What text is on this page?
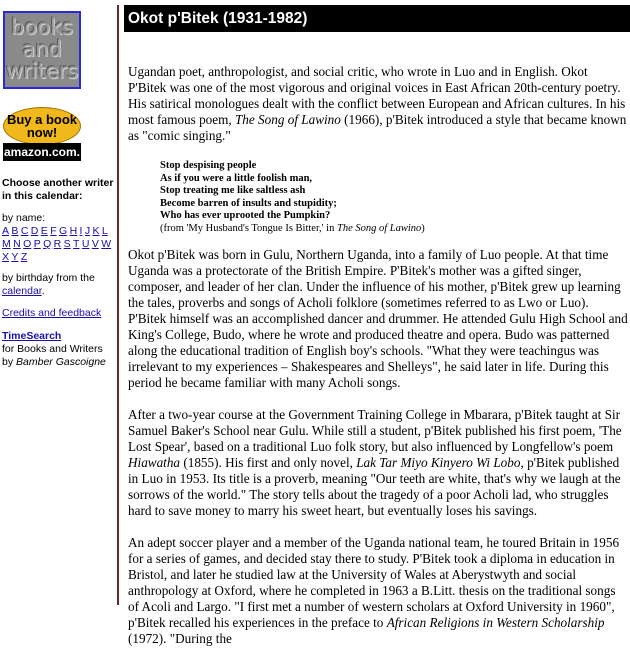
books
and
writers
Buy a book now!
amazon.com.
Choose another writer in this calendar:
by name:
A B C D E F G H I J K L
M N O P Q R S T U V W
X Y Z
by birthday from the
calendar.
Credits and feedback
TimeSearch
for Books and Writers
by Bamber Gascoigne
Okot p'Bitek (1931-1982)

Ugandan poet, anthropologist, and social critic, who wrote in Luo and in English. Okot P'Bitek was one of the most vigorous and original voices in East African 20th-century poetry. His satirical monologues dealt with the conflict between European and African cultures. In his most famous poem, The Song of Lawino (1966), p'Bitek introduced a style that became known as "comic singing."

Stop despising people
As if you were a little foolish man,
Stop treating me like saltless ash
Become barren of insults and stupidity;
Who has ever uprooted the Pumpkin?
(from 'My Husband's Tongue Is Bitter,' in The Song of Lawino)

Okot p'Bitek was born in Gulu, Northern Uganda, into a family of Luo people. At that time Uganda was a protectorate of the British Empire. P'Bitek's mother was a gifted singer, composer, and leader of her clan. Under the influence of his mother, p'Bitek grew up learning the tales, proverbs and songs of Acholi folklore (sometimes referred to as Lwo or Luo). P'Bitek himself was an accomplished dancer and drummer. He attended Gulu High School and King's College, Budo, where he wrote and produced theatre and opera. Budo was patterned along the educational tradition of English boy's schools. "What they were teachingus was irrelevant to my experiences – Shakespeares and Shelleys", he said later in life. During this period he became familiar with many Acholi songs.

After a two-year course at the Government Training College in Mbarara, p'Bitek taught at Sir Samuel Baker's School near Gulu. While still a student, p'Bitek published his first poem, 'The Lost Spear', based on a traditional Luo folk story, but also influenced by Longfellow's poem Hiawatha (1855). His first and only novel, Lak Tar Miyo Kinyero Wi Lobo, p'Bitek published in Luo in 1953. Its title is a proverb, meaning "Our teeth are white, that's why we laugh at the sorrows of the world." The story tells about the tragedy of a poor Acholi lad, who struggles hard to save money to marry his sweet heart, but eventually loses his savings.

An adept soccer player and a member of the Uganda national team, he toured Britain in 1956 for a series of games, and decided stay there to study. P'Bitek took a diploma in education in Bristol, and later he studied law at the University of Wales at Aberystwyth and social anthropology at Oxford, where he completed in 1963 a B.Litt. thesis on the traditional songs of Acoli and Largo. "I first met a number of western scholars at Oxford University in 1960", p'Bitek recalled his experiences in the preface to African Religions in Western Scholarship (1972). "During the
